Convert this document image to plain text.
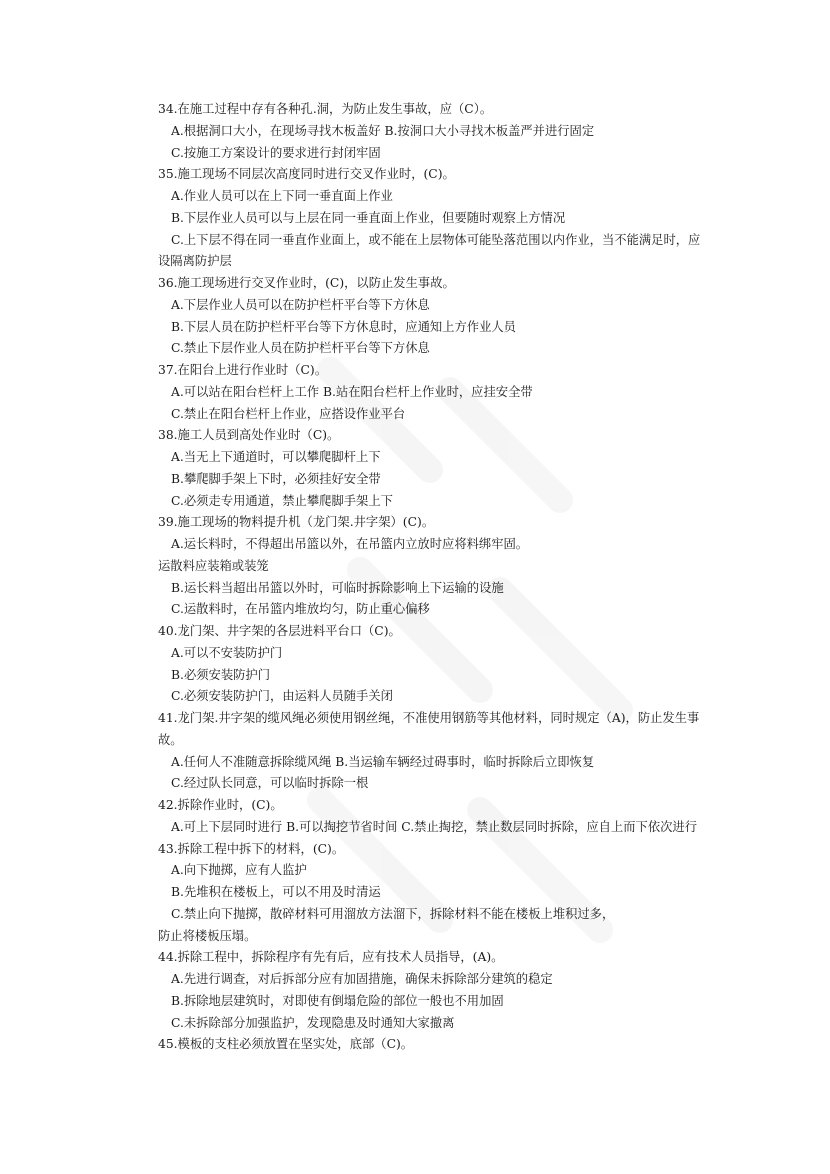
34.在施工过程中存有各种孔.洞，为防止发生事故，应（C）。
A.根据洞口大小，在现场寻找木板盖好 B.按洞口大小寻找木板盖严并进行固定
C.按施工方案设计的要求进行封闭牢固
35.施工现场不同层次高度同时进行交叉作业时，(C)。
A.作业人员可以在上下同一垂直面上作业
B.下层作业人员可以与上层在同一垂直面上作业，但要随时观察上方情况
C.上下层不得在同一垂直作业面上，或不能在上层物体可能坠落范围以内作业，当不能满足时，应
设隔离防护层
36.施工现场进行交叉作业时，(C)，以防止发生事故。
A.下层作业人员可以在防护栏杆平台等下方休息
B.下层人员在防护栏杆平台等下方休息时，应通知上方作业人员
C.禁止下层作业人员在防护栏杆平台等下方休息
37.在阳台上进行作业时（C)。
A.可以站在阳台栏杆上工作 B.站在阳台栏杆上作业时，应挂安全带
C.禁止在阳台栏杆上作业，应搭设作业平台
38.施工人员到高处作业时（C)。
A.当无上下通道时，可以攀爬脚杆上下
B.攀爬脚手架上下时，必须挂好安全带
C.必须走专用通道，禁止攀爬脚手架上下
39.施工现场的物料提升机（龙门架.井字架）(C)。
A.运长料时，不得超出吊篮以外，在吊篮内立放时应将料绑牢固。
运散料应装箱或装笼
B.运长料当超出吊篮以外时，可临时拆除影响上下运输的设施
C.运散料时，在吊篮内堆放均匀，防止重心偏移
40.龙门架、井字架的各层进料平台口（C)。
A.可以不安装防护门
B.必须安装防护门
C.必须安装防护门，由运料人员随手关闭
41.龙门架.井字架的缆风绳必须使用钢丝绳，不准使用钢筋等其他材料，同时规定（A)，防止发生事
故。
A.任何人不准随意拆除缆风绳 B.当运输车辆经过碍事时，临时拆除后立即恢复
C.经过队长同意，可以临时拆除一根
42.拆除作业时，(C)。
A.可上下层同时进行 B.可以掏挖节省时间 C.禁止掏挖，禁止数层同时拆除，应自上而下依次进行
43.拆除工程中拆下的材料，(C)。
A.向下抛掷，应有人监护
B.先堆积在楼板上，可以不用及时清运
C.禁止向下抛掷，散碎材料可用溜放方法溜下，拆除材料不能在楼板上堆积过多，
防止将楼板压塌。
44.拆除工程中，拆除程序有先有后，应有技术人员指导，(A)。
A.先进行调查，对后拆部分应有加固措施，确保未拆除部分建筑的稳定
B.拆除地层建筑时，对即使有倒塌危险的部位一般也不用加固
C.未拆除部分加强监护，发现隐患及时通知大家撤离
45.模板的支柱必须放置在坚实处，底部（C)。
